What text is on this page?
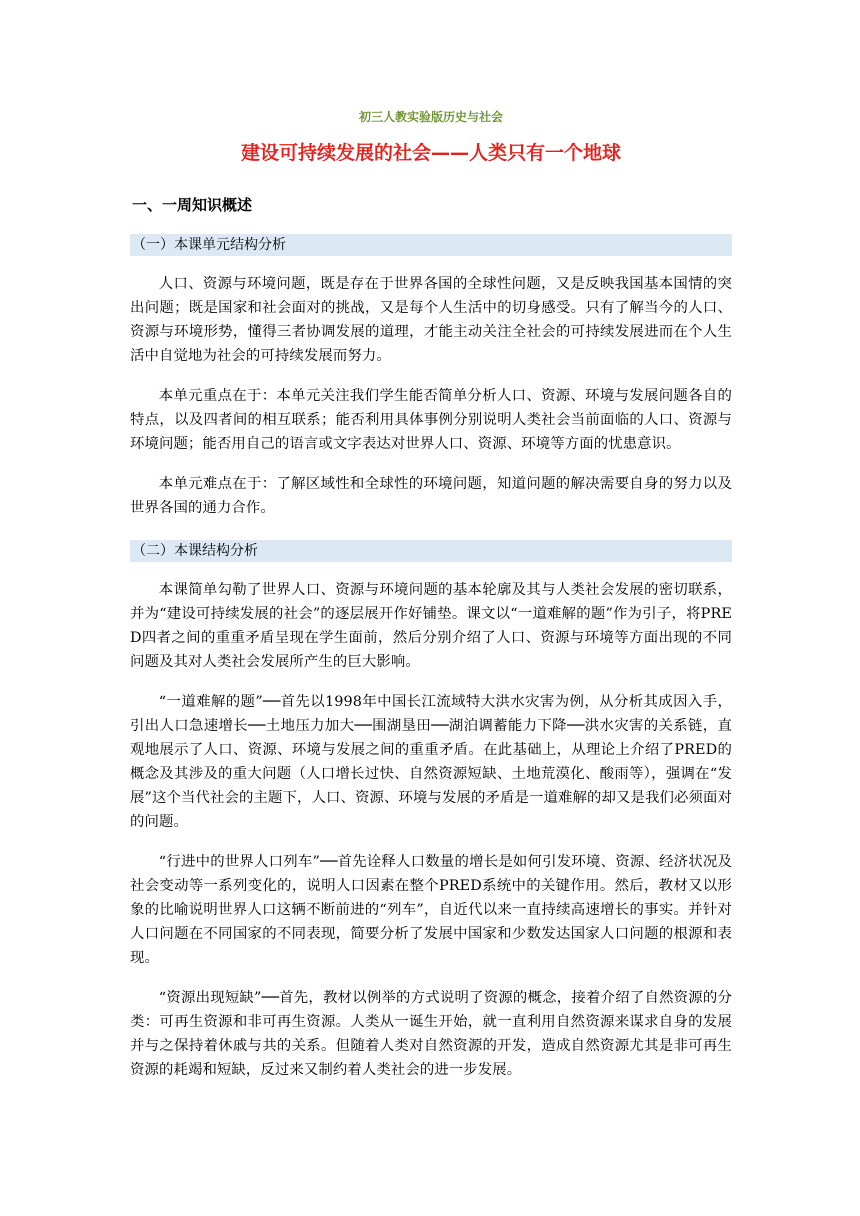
初三人教实验版历史与社会

建设可持续发展的社会——人类只有一个地球

一、一周知识概述

（一）本课单元结构分析

人口、资源与环境问题，既是存在于世界各国的全球性问题，又是反映我国基本国情的突出问题；既是国家和社会面对的挑战，又是每个人生活中的切身感受。只有了解当今的人口、资源与环境形势，懂得三者协调发展的道理，才能主动关注全社会的可持续发展进而在个人生活中自觉地为社会的可持续发展而努力。

本单元重点在于：本单元关注我们学生能否简单分析人口、资源、环境与发展问题各自的特点，以及四者间的相互联系；能否利用具体事例分别说明人类社会当前面临的人口、资源与环境问题；能否用自己的语言或文字表达对世界人口、资源、环境等方面的忧患意识。

本单元难点在于：了解区域性和全球性的环境问题，知道问题的解决需要自身的努力以及世界各国的通力合作。

（二）本课结构分析

本课简单勾勒了世界人口、资源与环境问题的基本轮廓及其与人类社会发展的密切联系，并为“建设可持续发展的社会”的逐层展开作好铺垫。课文以“一道难解的题”作为引子，将PRED四者之间的重重矛盾呈现在学生面前，然后分别介绍了人口、资源与环境等方面出现的不同问题及其对人类社会发展所产生的巨大影响。

“一道难解的题”──首先以1998年中国长江流域特大洪水灾害为例，从分析其成因入手，引出人口急速增长──土地压力加大──围湖垦田──湖泊调蓄能力下降──洪水灾害的关系链，直观地展示了人口、资源、环境与发展之间的重重矛盾。在此基础上，从理论上介绍了PRED的概念及其涉及的重大问题（人口增长过快、自然资源短缺、土地荒漠化、酸雨等），强调在“发展”这个当代社会的主题下，人口、资源、环境与发展的矛盾是一道难解的却又是我们必须面对的问题。

“行进中的世界人口列车”──首先诠释人口数量的增长是如何引发环境、资源、经济状况及社会变动等一系列变化的，说明人口因素在整个PRED系统中的关键作用。然后，教材又以形象的比喻说明世界人口这辆不断前进的“列车”，自近代以来一直持续高速增长的事实。并针对人口问题在不同国家的不同表现，简要分析了发展中国家和少数发达国家人口问题的根源和表现。

“资源出现短缺”──首先，教材以例举的方式说明了资源的概念，接着介绍了自然资源的分类：可再生资源和非可再生资源。人类从一诞生开始，就一直利用自然资源来谋求自身的发展并与之保持着休戚与共的关系。但随着人类对自然资源的开发，造成自然资源尤其是非可再生资源的耗竭和短缺，反过来又制约着人类社会的进一步发展。
